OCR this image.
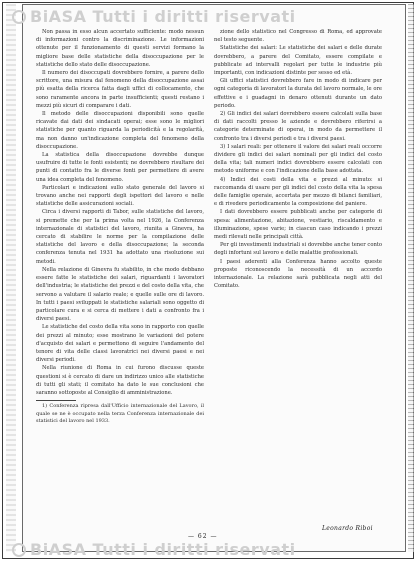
BiASA Tutti i diritti riservati

Non passa in esso alcun accertato sufficiente: modo nessun di informazioni contro la discriminazione. Le informazioni ottenute per il funzionamento di questi servizi formano la migliore base delle statistiche della disoccupazione per le statistiche dello stato delle disoccupazione.

Il numero dei disoccupati dovrebbero fornire, a parere dello scrittore, una misura dal fenomeno della disoccupazione assai più esatta della ricerca fatta dagli uffici di collocamento, che sono raramente ancora in parte insufficienti; questi restano i mezzi più sicuri di comparare i dati.

Il metodo delle disoccupazioni disponibili sono quelle ricavate dai dati dei sindacati operai; esse sono le migliori statistiche per quanto riguarda la periodicità e la regolarità, ma non danno un'indicazione completa del fenomeno della disoccupazione.

La statistica della disoccupazione dovrebbe dunque usufruire di tutte le fonti esistenti; ne dovrebbero risultare dei punti di contatto fra le diverse fonti per permettere di avere una idea completa del fenomeno.

Particolari e indicazioni sullo stato generale del lavoro si trovano anche nei rapporti degli ispettori del lavoro e nelle statistiche delle assicurazioni sociali.

Circa i diversi rapporti di Tabor, sulle statistiche del lavoro, si premette che per la prima volta nel 1926, la Conferenza internazionale di statistici del lavoro, riunita a Ginevra, ha cercato di stabilire le norme per la compilazione delle statistiche del lavoro e della disoccupazione; la seconda conferenza tenuta nel 1931 ha adottato una risoluzione sui metodi.

Nella relazione di Ginevra fu stabilito, in che modo debbano essere fatte le statistiche dei salari, riguardanti i lavoratori dell'industria; le statistiche dei prezzi e del costo della vita, che servono a valutare il salario reale; e quelle sulle ore di lavoro. In tutti i paesi sviluppati le statistiche salariali sono oggetto di particolare cura e si cerca di mettere i dati a confronto fra i diversi paesi.

Le statistiche del costo della vita sono in rapporto con quelle dei prezzi al minuto; esse mostrano le variazioni del potere d'acquisto dei salari e permettono di seguire l'andamento del tenore di vita delle classi lavoratrici nei diversi paesi e nei diversi periodi.

Nella riunione di Roma in cui furono discusse queste questioni si è cercato di dare un indirizzo unico alle statistiche di tutti gli stati; il comitato ha dato le sue conclusioni che saranno sottoposte al Consiglio di amministrazione.

1) Conferenza ripresa dall'Ufficio internazionale del Lavoro, il quale se ne è occupato nella terza Conferenza internazionale dei statistici del lavoro nel 1933.

zione dello statistico nel Congresso di Roma, ed approvate nel testo seguente.

Statistiche dei salari: Le statistiche dei salari e delle durate dovrebbero, a parere del Comitato, essere compilate e pubblicate ad intervalli regolari per tutte le industrie più importanti, con indicazioni distinte per sesso ed età.

Gli uffici statistici dovrebbero fare in modo di indicare per ogni categoria di lavoratori la durata del lavoro normale, le ore effettive e i guadagni in denaro ottenuti durante un dato periodo.

2) Gli indici dei salari dovrebbero essere calcolati sulla base di dati raccolti presso le aziende e dovrebbero riferirsi a categorie determinate di operai, in modo da permettere il confronto tra i diversi periodi e tra i diversi paesi.

3) I salari reali: per ottenere il valore dei salari reali occorre dividere gli indici dei salari nominali per gli indici del costo della vita; tali numeri indici dovrebbero essere calcolati con metodo uniforme e con l'indicazione della base adottata.

4) Indici dei costi della vita e prezzi al minuto: si raccomanda di usare per gli indici del costo della vita la spesa delle famiglie operaie, accertata per mezzo di bilanci familiari, e di rivedere periodicamente la composizione del paniere.

I dati dovrebbero essere pubblicati anche per categorie di spesa: alimentazione, abitazione, vestiario, riscaldamento e illuminazione, spese varie; in ciascun caso indicando i prezzi medi rilevati nelle principali città.

Per gli investimenti industriali si dovrebbe anche tener conto degli infortuni sul lavoro e delle malattie professionali.

I paesi aderenti alla Conferenza hanno accolto queste proposte riconoscendo la necessità di un accordo internazionale. La relazione sarà pubblicata negli atti del Comitato.

Leonardo Riboi
— 62 —
BiASA Tutti i diritti riservati
